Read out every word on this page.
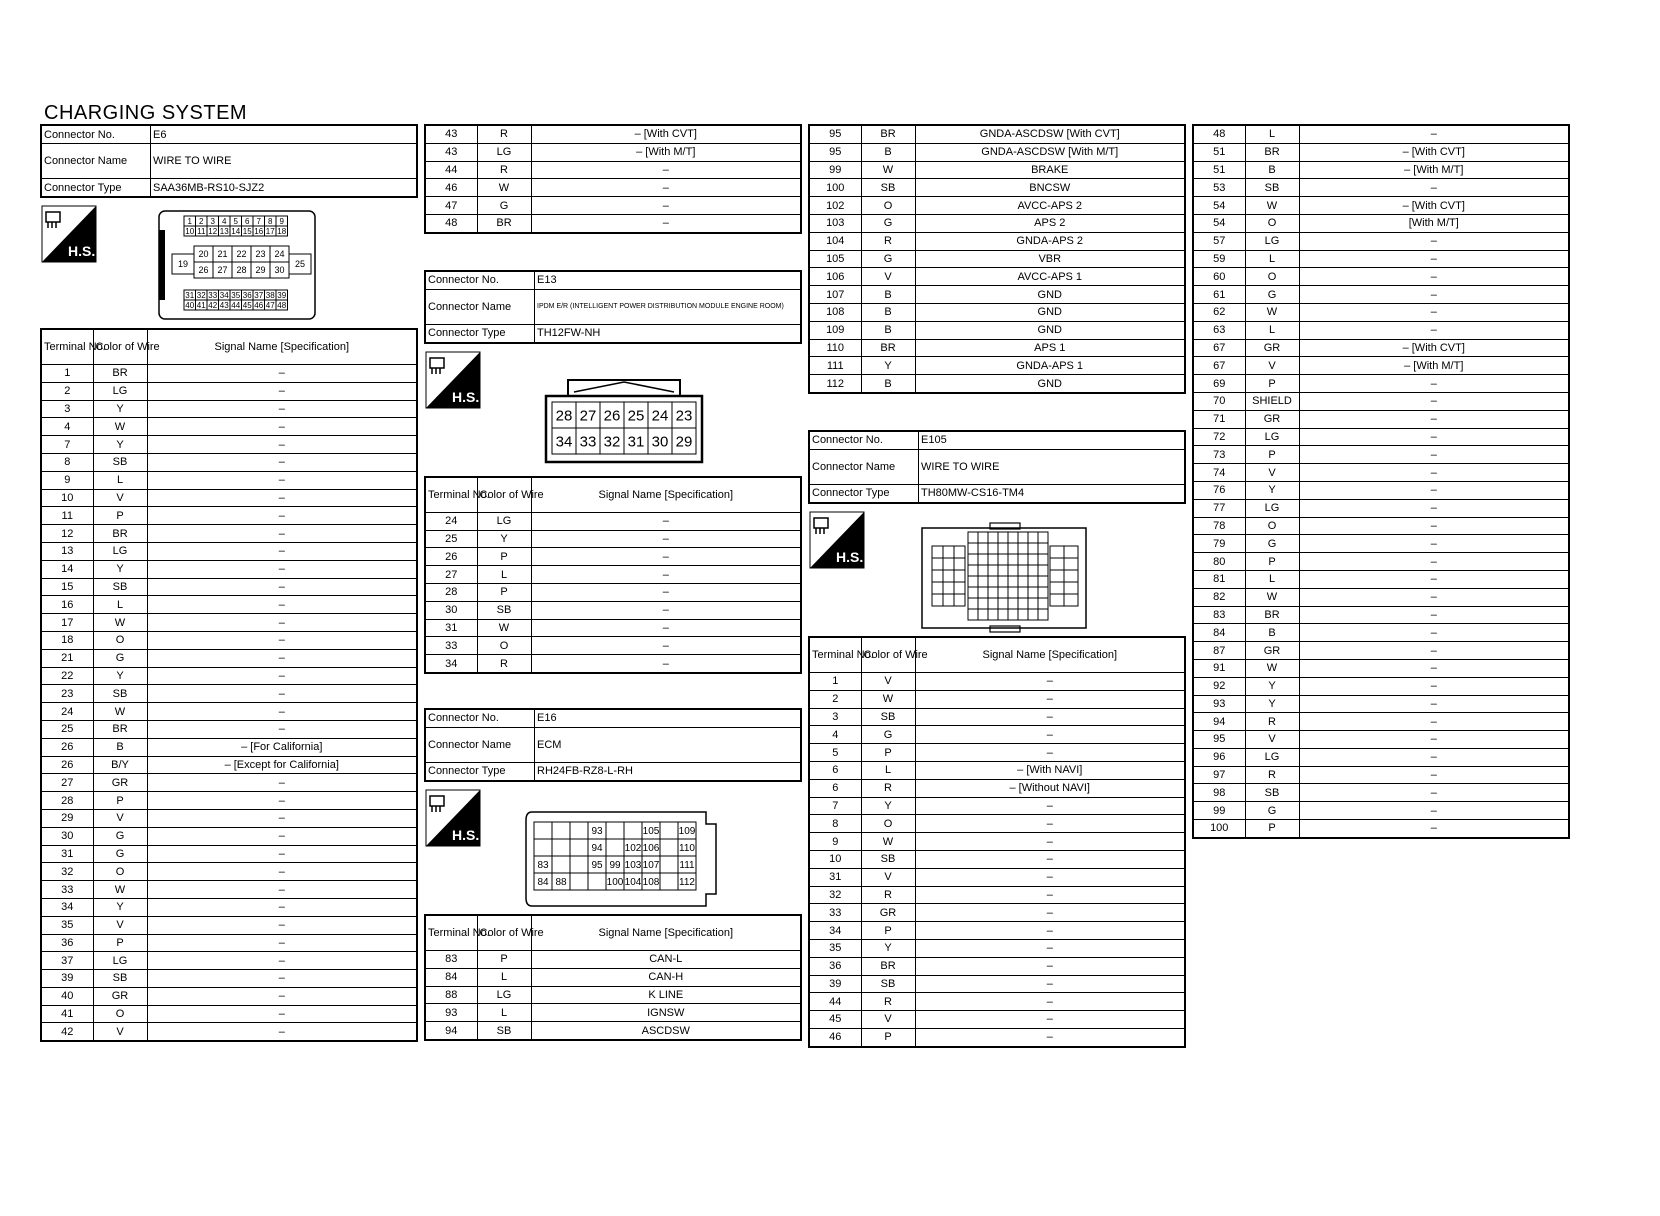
CHARGING SYSTEM
Connector No.	E6
Connector Name	WIRE TO WIRE
Connector Type	SAA36MB-RS10-SJZ2
H.S.
1 2 3 4 5 6 7 8 9
10 11 12 13 14 15 16 17 18
19
20 21 22 23 24
26 27 28 29 30
25
31 32 33 34 35 36 37 38 39
40 41 42 43 44 45 46 47 48
Terminal No.	Color of Wire	Signal Name [Specification]
1	BR	–
2	LG	–
3	Y	–
4	W	–
7	Y	–
8	SB	–
9	L	–
10	V	–
11	P	–
12	BR	–
13	LG	–
14	Y	–
15	SB	–
16	L	–
17	W	–
18	O	–
21	G	–
22	Y	–
23	SB	–
24	W	–
25	BR	–
26	B	– [For California]
26	B/Y	– [Except for California]
27	GR	–
28	P	–
29	V	–
30	G	–
31	G	–
32	O	–
33	W	–
34	Y	–
35	V	–
36	P	–
37	LG	–
39	SB	–
40	GR	–
41	O	–
42	V	–
43	R	– [With CVT]
43	LG	– [With M/T]
44	R	–
46	W	–
47	G	–
48	BR	–
Connector No.	E13
Connector Name	IPDM E/R (INTELLIGENT POWER DISTRIBUTION MODULE ENGINE ROOM)
Connector Type	TH12FW-NH
H.S.
28 27 26 25 24 23
34 33 32 31 30 29
Terminal No.	Color of Wire	Signal Name [Specification]
24	LG	–
25	Y	–
26	P	–
27	L	–
28	P	–
30	SB	–
31	W	–
33	O	–
34	R	–
Connector No.	E16
Connector Name	ECM
Connector Type	RH24FB-RZ8-L-RH
H.S.	93	105 109
94 102 106 110
83	95 99 103 107 111
84 88	100 104 108 112
Terminal No.	Color of Wire	Signal Name [Specification]
83	P	CAN-L
84	L	CAN-H
88	LG	K LINE
93	L	IGNSW
94	SB	ASCDSW
95	BR	GNDA-ASCDSW [With CVT]
95	B	GNDA-ASCDSW [With M/T]
99	W	BRAKE
100	SB	BNCSW
102	O	AVCC-APS 2
103	G	APS 2
104	R	GNDA-APS 2
105	G	VBR
106	V	AVCC-APS 1
107	B	GND
108	B	GND
109	B	GND
110	BR	APS 1
111	Y	GNDA-APS 1
112	B	GND
Connector No.	E105
Connector Name	WIRE TO WIRE
Connector Type	TH80MW-CS16-TM4
H.S.
Terminal No.	Color of Wire	Signal Name [Specification]
1	V	–
2	W	–
3	SB	–
4	G	–
5	P	–
6	L	– [With NAVI]
6	R	– [Without NAVI]
7	Y	–
8	O	–
9	W	–
10	SB	–
31	V	–
32	R	–
33	GR	–
34	P	–
35	Y	–
36	BR	–
39	SB	–
44	R	–
45	V	–
46	P	–
48	L	–
51	BR	– [With CVT]
51	B	– [With M/T]
53	SB	–
54	W	– [With CVT]
54	O	[With M/T]
57	LG	–
59	L	–
60	O	–
61	G	–
62	W	–
63	L	–
67	GR	– [With CVT]
67	V	– [With M/T]
69	P	–
70	SHIELD	–
71	GR	–
72	LG	–
73	P	–
74	V	–
76	Y	–
77	LG	–
78	O	–
79	G	–
80	P	–
81	L	–
82	W	–
83	BR	–
84	B	–
87	GR	–
91	W	–
92	Y	–
93	Y	–
94	R	–
95	V	–
96	LG	–
97	R	–
98	SB	–
99	G	–
100	P	–
